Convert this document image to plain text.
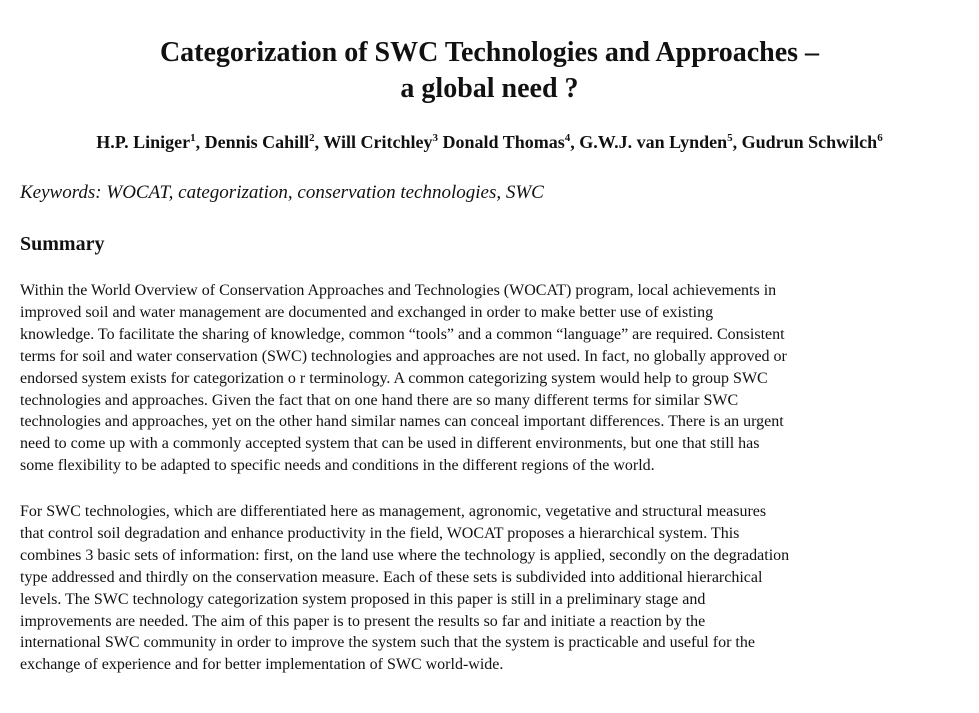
Categorization of SWC Technologies and Approaches –
a global need ?
H.P. Liniger$^1$, Dennis Cahill$^2$, Will Critchley$^3$ Donald Thomas$^4$, G.W.J. van Lynden$^5$, Gudrun Schwilch$^6$
Keywords: WOCAT, categorization, conservation technologies, SWC
Summary
Within the World Overview of Conservation Approaches and Technologies (WOCAT) program, local achievements in
improved soil and water management are documented and exchanged in order to make better use of existing
knowledge. To facilitate the sharing of knowledge, common “tools” and a common “language” are required. Consistent
terms for soil and water conservation (SWC) technologies and approaches are not used. In fact, no globally approved or
endorsed system exists for categorization o r terminology. A common categorizing system would help to group SWC
technologies and approaches. Given the fact that on one hand there are so many different terms for similar SWC
technologies and approaches, yet on the other hand similar names can conceal important differences. There is an urgent
need to come up with a commonly accepted system that can be used in different environments, but one that still has
some flexibility to be adapted to specific needs and conditions in the different regions of the world.
For SWC technologies, which are differentiated here as management, agronomic, vegetative and structural measures
that control soil degradation and enhance productivity in the field, WOCAT proposes a hierarchical system. This
combines 3 basic sets of information: first, on the land use where the technology is applied, secondly on the degradation
type addressed and thirdly on the conservation measure. Each of these sets is subdivided into additional hierarchical
levels. The SWC technology categorization system proposed in this paper is still in a preliminary stage and
improvements are needed. The aim of this paper is to present the results so far and initiate a reaction by the
international SWC community in order to improve the system such that the system is practicable and useful for the
exchange of experience and for better implementation of SWC world-wide.
